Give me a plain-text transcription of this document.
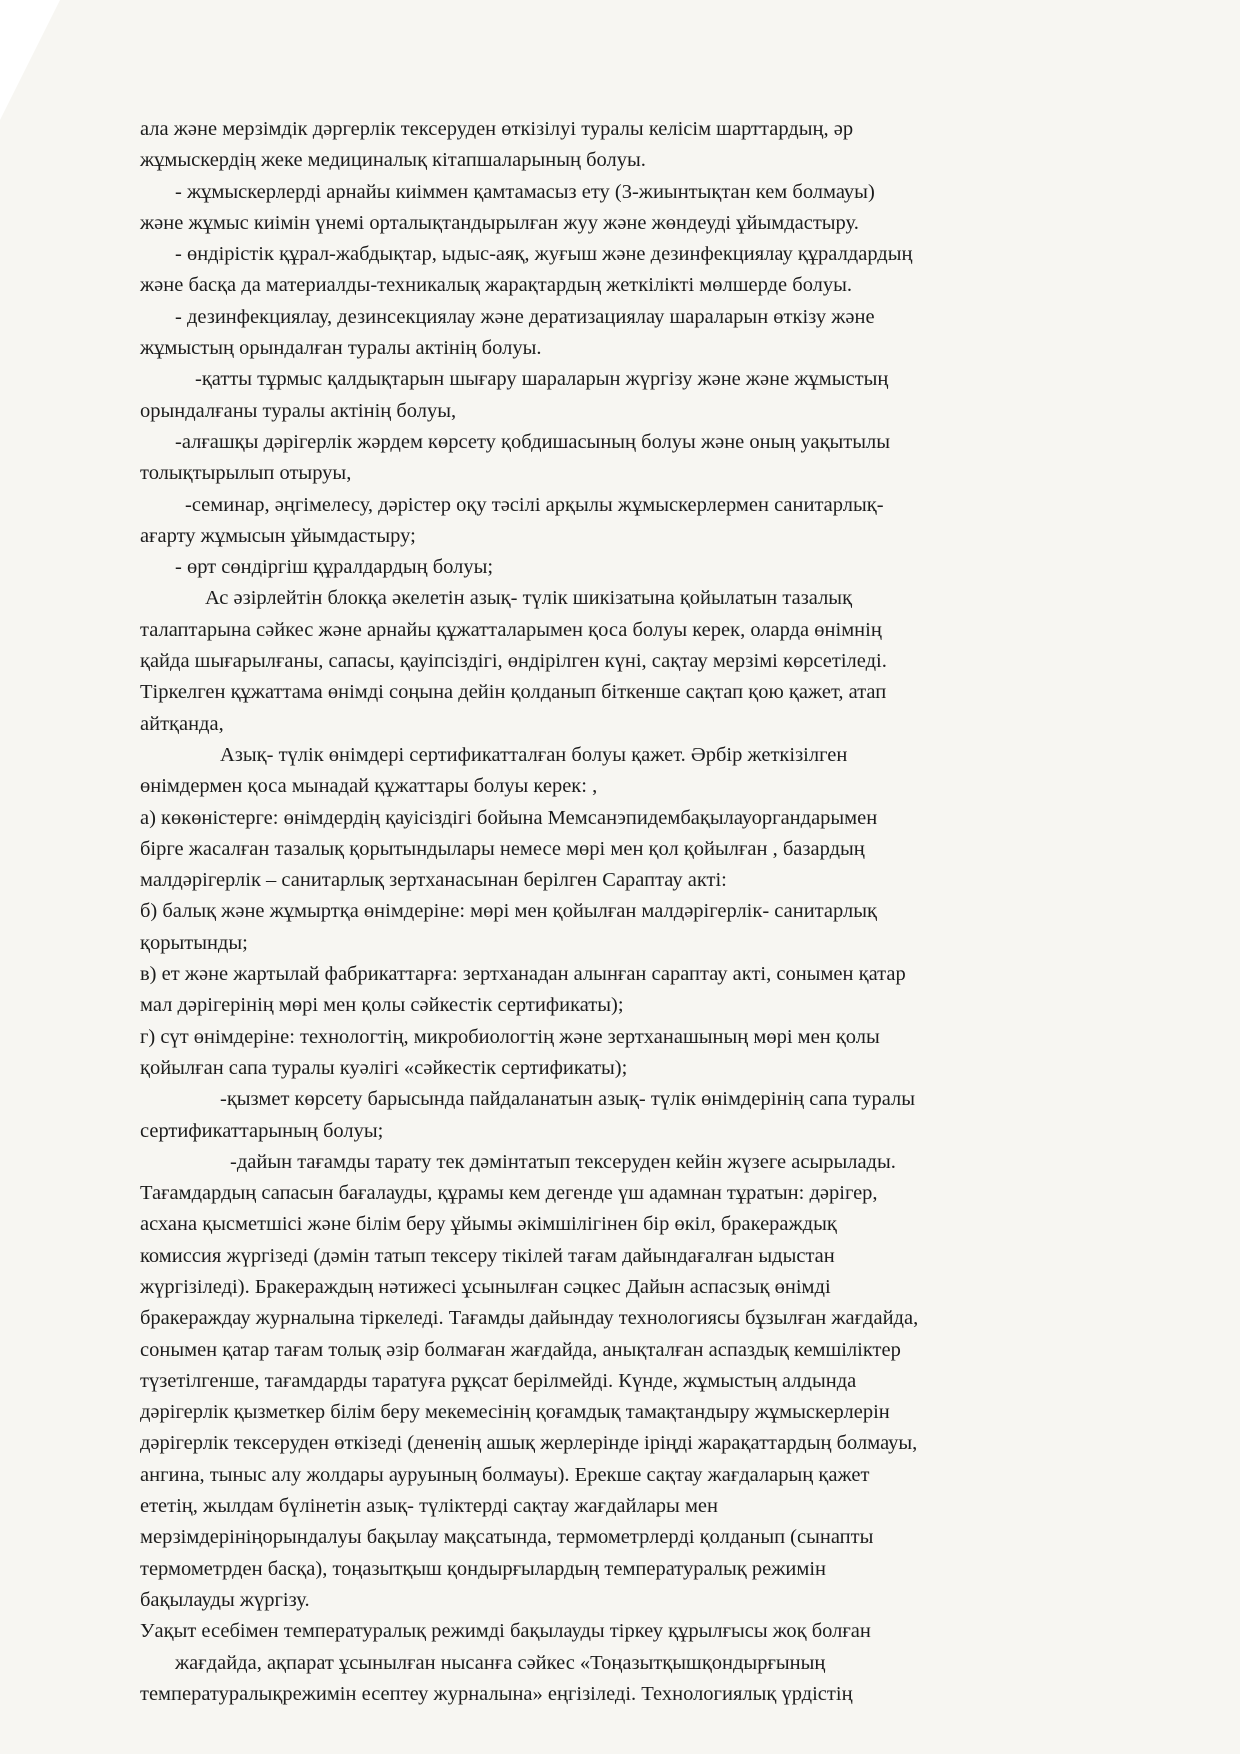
ала және мерзімдік дәргерлік тексеруден өткізілуі туралы келісім шарттардың, әр

жұмыскердің жеке медициналық кітапшаларының болуы.

- жұмыскерлерді арнайы киіммен қамтамасыз ету (3-жиынтықтан кем болмауы)

және жұмыс киімін үнемі орталықтандырылған жуу және жөндеуді ұйымдастыру.

- өндірістік құрал-жабдықтар, ыдыс-аяқ, жуғыш және дезинфекциялау құралдардың

және басқа да материалды-техникалық жарақтардың жеткілікті мөлшерде болуы.

- дезинфекциялау, дезинсекциялау және дератизациялау шараларын өткізу және

жұмыстың орындалған туралы актінің болуы.

-қатты тұрмыс қалдықтарын шығару шараларын жүргізу және және жұмыстың

орындалғаны туралы актінің болуы,

-алғашқы дәрігерлік жәрдем көрсету қобдишасының болуы және оның уақытылы

толықтырылып отыруы,

-семинар, әңгімелесу, дәрістер оқу тәсілі арқылы жұмыскерлермен санитарлық-

ағарту жұмысын ұйымдастыру;

- өрт сөндіргіш құралдардың болуы;

Ас әзірлейтін блокқа әкелетін азық- түлік шикізатына қойылатын тазалық

талаптарына сәйкес және арнайы құжатталарымен қоса болуы керек, оларда өнімнің

қайда шығарылғаны, сапасы, қауіпсіздігі, өндірілген күні, сақтау мерзімі көрсетіледі.

Тіркелген құжаттама өнімді соңына дейін қолданып біткенше сақтап қою қажет, атап

айтқанда,

Азық- түлік өнімдері сертификатталған болуы қажет. Әрбір жеткізілген

өнімдермен қоса мынадай құжаттары болуы керек: ,

а) көкөністерге: өнімдердің қауісіздігі бойына Мемсанэпидембақылауоргандарымен

бірге жасалған тазалық қорытындылары немесе мөрі мен қол қойылған , базардың

малдәрігерлік – санитарлық зертханасынан берілген Сараптау акті:

б) балық және жұмыртқа өнімдеріне: мөрі мен қойылған малдәрігерлік- санитарлық

қорытынды;

в) ет және жартылай фабрикаттарға: зертханадан алынған сараптау акті, сонымен қатар

мал дәрігерінің мөрі мен қолы сәйкестік сертификаты);

г) сүт өнімдеріне: технологтің, микробиологтің және зертханашының мөрі мен қолы

қойылған сапа туралы куәлігі «сәйкестік сертификаты);

-қызмет көрсету барысында пайдаланатын азық- түлік өнімдерінің сапа туралы

сертификаттарының болуы;

-дайын тағамды тарату тек дәмінтатып тексеруден кейін жүзеге асырылады.

Тағамдардың сапасын бағалауды, құрамы кем дегенде үш адамнан тұратын: дәрігер,

асхана қысметшісі және білім беру ұйымы әкімшілігінен бір өкіл, бракераждық

комиссия жүргізеді (дәмін татып тексеру тікілей тағам дайындағалған ыдыстан

жүргізіледі). Бракераждың нәтижесі ұсынылған сәцкес Дайын аспасзық өнімді

бракераждау журналына тіркеледі. Тағамды дайындау технологиясы бұзылған жағдайда,

сонымен қатар тағам толық әзір болмаған жағдайда, анықталған аспаздық кемшіліктер

түзетілгенше, тағамдарды таратуға рұқсат берілмейді. Күнде, жұмыстың алдында

дәрігерлік қызметкер білім беру мекемесінің қоғамдық тамақтандыру жұмыскерлерін

дәрігерлік тексеруден өткізеді (дененің ашық жерлерінде іріңді жарақаттардың болмауы,

ангина, тыныс алу жолдары ауруының болмауы). Ерекше сақтау жағдаларың қажет

ететің, жылдам бүлінетін азық- түліктерді сақтау жағдайлары мен

мерзімдерініңорындалуы бақылау мақсатында, термометрлерді қолданып (сынапты

термометрден басқа), тоңазытқыш қондырғылардың температуралық режимін

бақылауды жүргізу.

Уақыт есебімен температуралық режимді бақылауды тіркеу құрылғысы жоқ болған

жағдайда, ақпарат ұсынылған нысанға сәйкес «Тоңазытқышқондырғының

температуралықрежимін есептеу журналына» еңгізіледі. Технологиялық үрдістің
